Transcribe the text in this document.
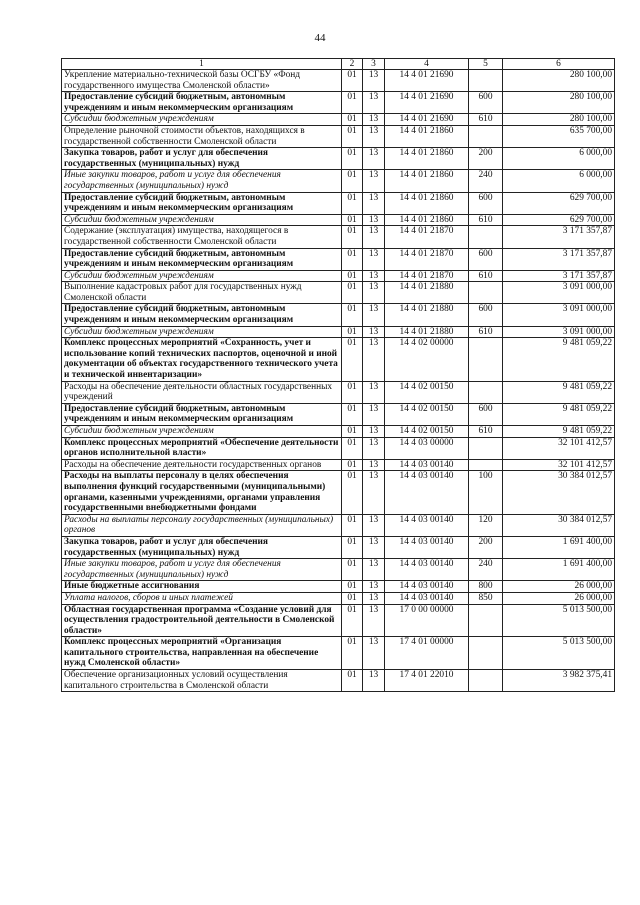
44
1	2	3	4	5	6
Укрепление материально-технической базы ОСГБУ «Фонд государственного имущества Смоленской области»	01	13	14 4 01 21690		280 100,00
Предоставление субсидий бюджетным, автономным учреждениям и иным некоммерческим организациям	01	13	14 4 01 21690	600	280 100,00
Субсидии бюджетным учреждениям	01	13	14 4 01 21690	610	280 100,00
Определение рыночной стоимости объектов, находящихся в государственной собственности Смоленской области	01	13	14 4 01 21860		635 700,00
Закупка товаров, работ и услуг для обеспечения государственных (муниципальных) нужд	01	13	14 4 01 21860	200	6 000,00
Иные закупки товаров, работ и услуг для обеспечения государственных (муниципальных) нужд	01	13	14 4 01 21860	240	6 000,00
Предоставление субсидий бюджетным, автономным учреждениям и иным некоммерческим организациям	01	13	14 4 01 21860	600	629 700,00
Субсидии бюджетным учреждениям	01	13	14 4 01 21860	610	629 700,00
Содержание (эксплуатация) имущества, находящегося в государственной собственности Смоленской области	01	13	14 4 01 21870		3 171 357,87
Предоставление субсидий бюджетным, автономным учреждениям и иным некоммерческим организациям	01	13	14 4 01 21870	600	3 171 357,87
Субсидии бюджетным учреждениям	01	13	14 4 01 21870	610	3 171 357,87
Выполнение кадастровых работ для государственных нужд Смоленской области	01	13	14 4 01 21880		3 091 000,00
Предоставление субсидий бюджетным, автономным учреждениям и иным некоммерческим организациям	01	13	14 4 01 21880	600	3 091 000,00
Субсидии бюджетным учреждениям	01	13	14 4 01 21880	610	3 091 000,00
Комплекс процессных мероприятий «Сохранность, учет и использование копий технических паспортов, оценочной и иной документации об объектах государственного технического учета и технической инвентаризации»	01	13	14 4 02 00000		9 481 059,22
Расходы на обеспечение деятельности областных государственных учреждений	01	13	14 4 02 00150		9 481 059,22
Предоставление субсидий бюджетным, автономным учреждениям и иным некоммерческим организациям	01	13	14 4 02 00150	600	9 481 059,22
Субсидии бюджетным учреждениям	01	13	14 4 02 00150	610	9 481 059,22
Комплекс процессных мероприятий «Обеспечение деятельности органов исполнительной власти»	01	13	14 4 03 00000		32 101 412,57
Расходы на обеспечение деятельности государственных органов	01	13	14 4 03 00140		32 101 412,57
Расходы на выплаты персоналу в целях обеспечения выполнения функций государственными (муниципальными) органами, казенными учреждениями, органами управления государственными внебюджетными фондами	01	13	14 4 03 00140	100	30 384 012,57
Расходы на выплаты персоналу государственных (муниципальных) органов	01	13	14 4 03 00140	120	30 384 012,57
Закупка товаров, работ и услуг для обеспечения государственных (муниципальных) нужд	01	13	14 4 03 00140	200	1 691 400,00
Иные закупки товаров, работ и услуг для обеспечения государственных (муниципальных) нужд	01	13	14 4 03 00140	240	1 691 400,00
Иные бюджетные ассигнования	01	13	14 4 03 00140	800	26 000,00
Уплата налогов, сборов и иных платежей	01	13	14 4 03 00140	850	26 000,00
Областная государственная программа «Создание условий для осуществления градостроительной деятельности в Смоленской области»	01	13	17 0 00 00000		5 013 500,00
Комплекс процессных мероприятий «Организация капитального строительства, направленная на обеспечение нужд Смоленской области»	01	13	17 4 01 00000		5 013 500,00
Обеспечение организационных условий осуществления капитального строительства в Смоленской области	01	13	17 4 01 22010		3 982 375,41
